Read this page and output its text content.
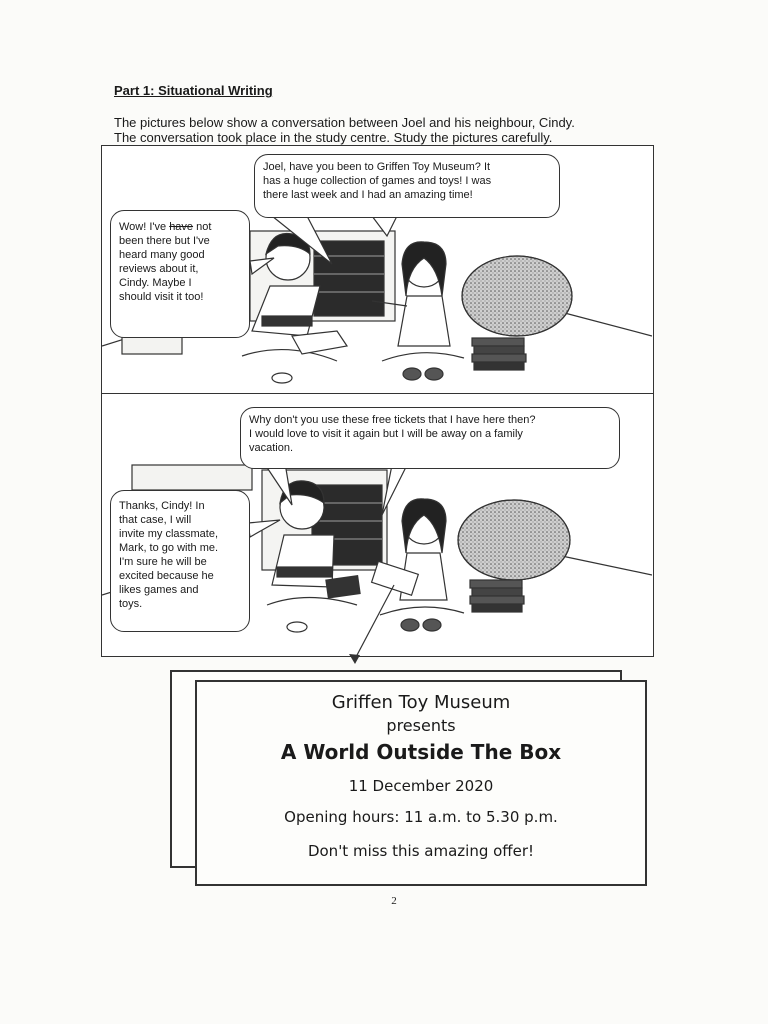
Part 1: Situational Writing
The pictures below show a conversation between Joel and his neighbour, Cindy.
The conversation took place in the study centre. Study the pictures carefully.
Joel, have you been to Griffen Toy Museum? It
has a huge collection of games and toys! I was
there last week and I had an amazing time!
Wow! I've have not
been there but I've
heard many good
reviews about it,
Cindy. Maybe I
should visit it too!
Why don't you use these free tickets that I have here then?
I would love to visit it again but I will be away on a family
vacation.
Thanks, Cindy! In
that case, I will
invite my classmate,
Mark, to go with me.
I'm sure he will be
excited because he
likes games and
toys.
Griffen Toy Museum
presents
A World Outside The Box
11 December 2020
Opening hours: 11 a.m. to 5.30 p.m.
Don't miss this amazing offer!
2
